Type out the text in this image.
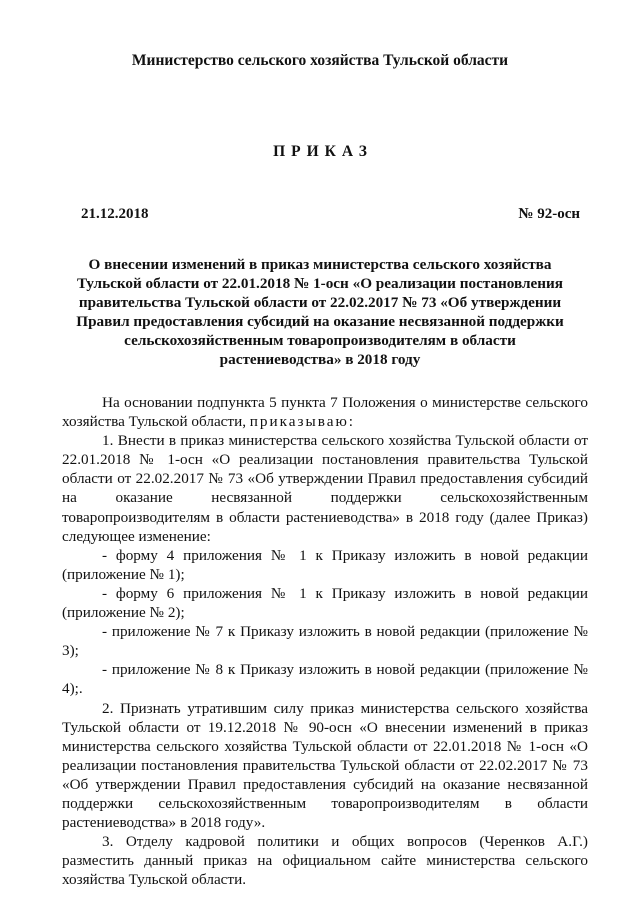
Министерство сельского хозяйства Тульской области
ПРИКАЗ
21.12.2018	№ 92-осн
О внесении изменений в приказ министерства сельского хозяйства
Тульской области от 22.01.2018 № 1-осн «О реализации постановления
правительства Тульской области от 22.02.2017 № 73 «Об утверждении
Правил предоставления субсидий на оказание несвязанной поддержки
сельскохозяйственным товаропроизводителям в области
растениеводства» в 2018 году

На основании подпункта 5 пункта 7 Положения о министерстве сельского
хозяйства Тульской области, приказываю:

1. Внести в приказ министерства сельского хозяйства Тульской области от
22.01.2018 № 1-осн «О реализации постановления правительства Тульской
области от 22.02.2017 № 73 «Об утверждении Правил предоставления субсидий
на оказание несвязанной поддержки сельскохозяйственным
товаропроизводителям в области растениеводства» в 2018 году (далее Приказ)
следующее изменение:

- форму 4 приложения № 1 к Приказу изложить в новой редакции
(приложение № 1);

- форму 6 приложения № 1 к Приказу изложить в новой редакции
(приложение № 2);

- приложение № 7 к Приказу изложить в новой редакции (приложение №
3);

- приложение № 8 к Приказу изложить в новой редакции (приложение №
4);.

2. Признать утратившим силу приказ министерства сельского хозяйства
Тульской области от 19.12.2018 № 90-осн «О внесении изменений в приказ
министерства сельского хозяйства Тульской области от 22.01.2018 № 1-осн «О
реализации постановления правительства Тульской области от 22.02.2017 № 73
«Об утверждении Правил предоставления субсидий на оказание несвязанной
поддержки сельскохозяйственным товаропроизводителям в области
растениеводства» в 2018 году».

3. Отделу кадровой политики и общих вопросов (Черенков А.Г.)
разместить данный приказ на официальном сайте министерства сельского
хозяйства Тульской области.
